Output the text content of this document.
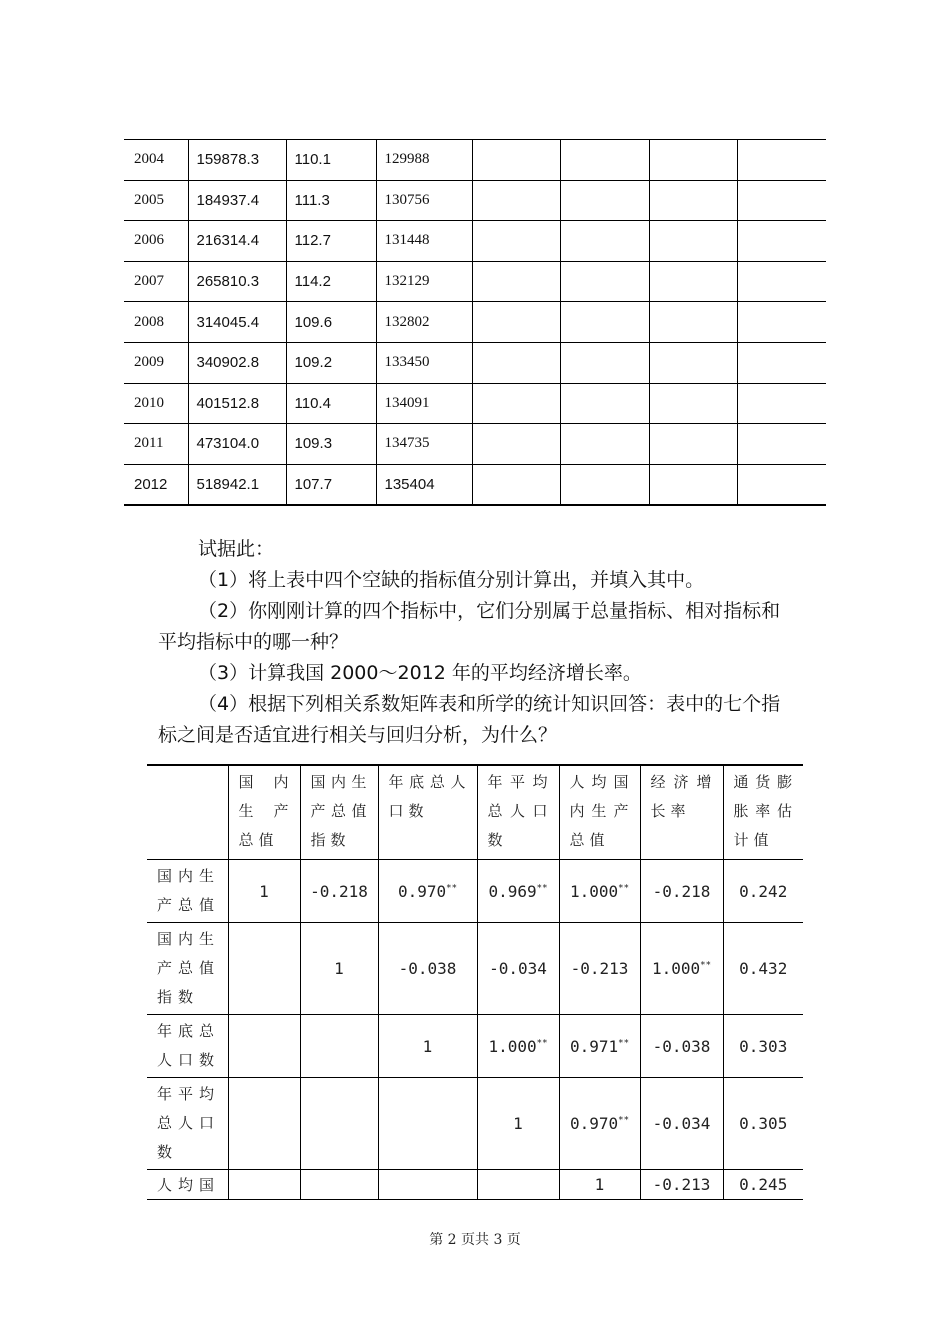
2004	159878.3	110.1	129988				
2005	184937.4	111.3	130756				
2006	216314.4	112.7	131448				
2007	265810.3	114.2	132129				
2008	314045.4	109.6	132802				
2009	340902.8	109.2	133450				
2010	401512.8	110.4	134091				
2011	473104.0	109.3	134735				
2012	518942.1	107.7	135404				

试据此：

（1）将上表中四个空缺的指标值分别计算出，并填入其中。

（2）你刚刚计算的四个指标中，它们分别属于总量指标、相对指标和平均指标中的哪一种？

（3）计算我国 2000～2012 年的平均经济增长率。

（4）根据下列相关系数矩阵表和所学的统计知识回答：表中的七个指标之间是否适宜进行相关与回归分析，为什么？

	国内生产总值	国内生产总值指数	年底总人口数	年平均总人口数	人均国内生产总值	经济增长率	通货膨胀率估计值
国内生产总值	1	-0.218	0.970**	0.969**	1.000**	-0.218	0.242
国内生产总值指数		1	-0.038	-0.034	-0.213	1.000**	0.432
年底总人口数			1	1.000**	0.971**	-0.038	0.303
年平均总人口数				1	0.970**	-0.034	0.305
人均国					1	-0.213	0.245
第 2 页共 3 页
